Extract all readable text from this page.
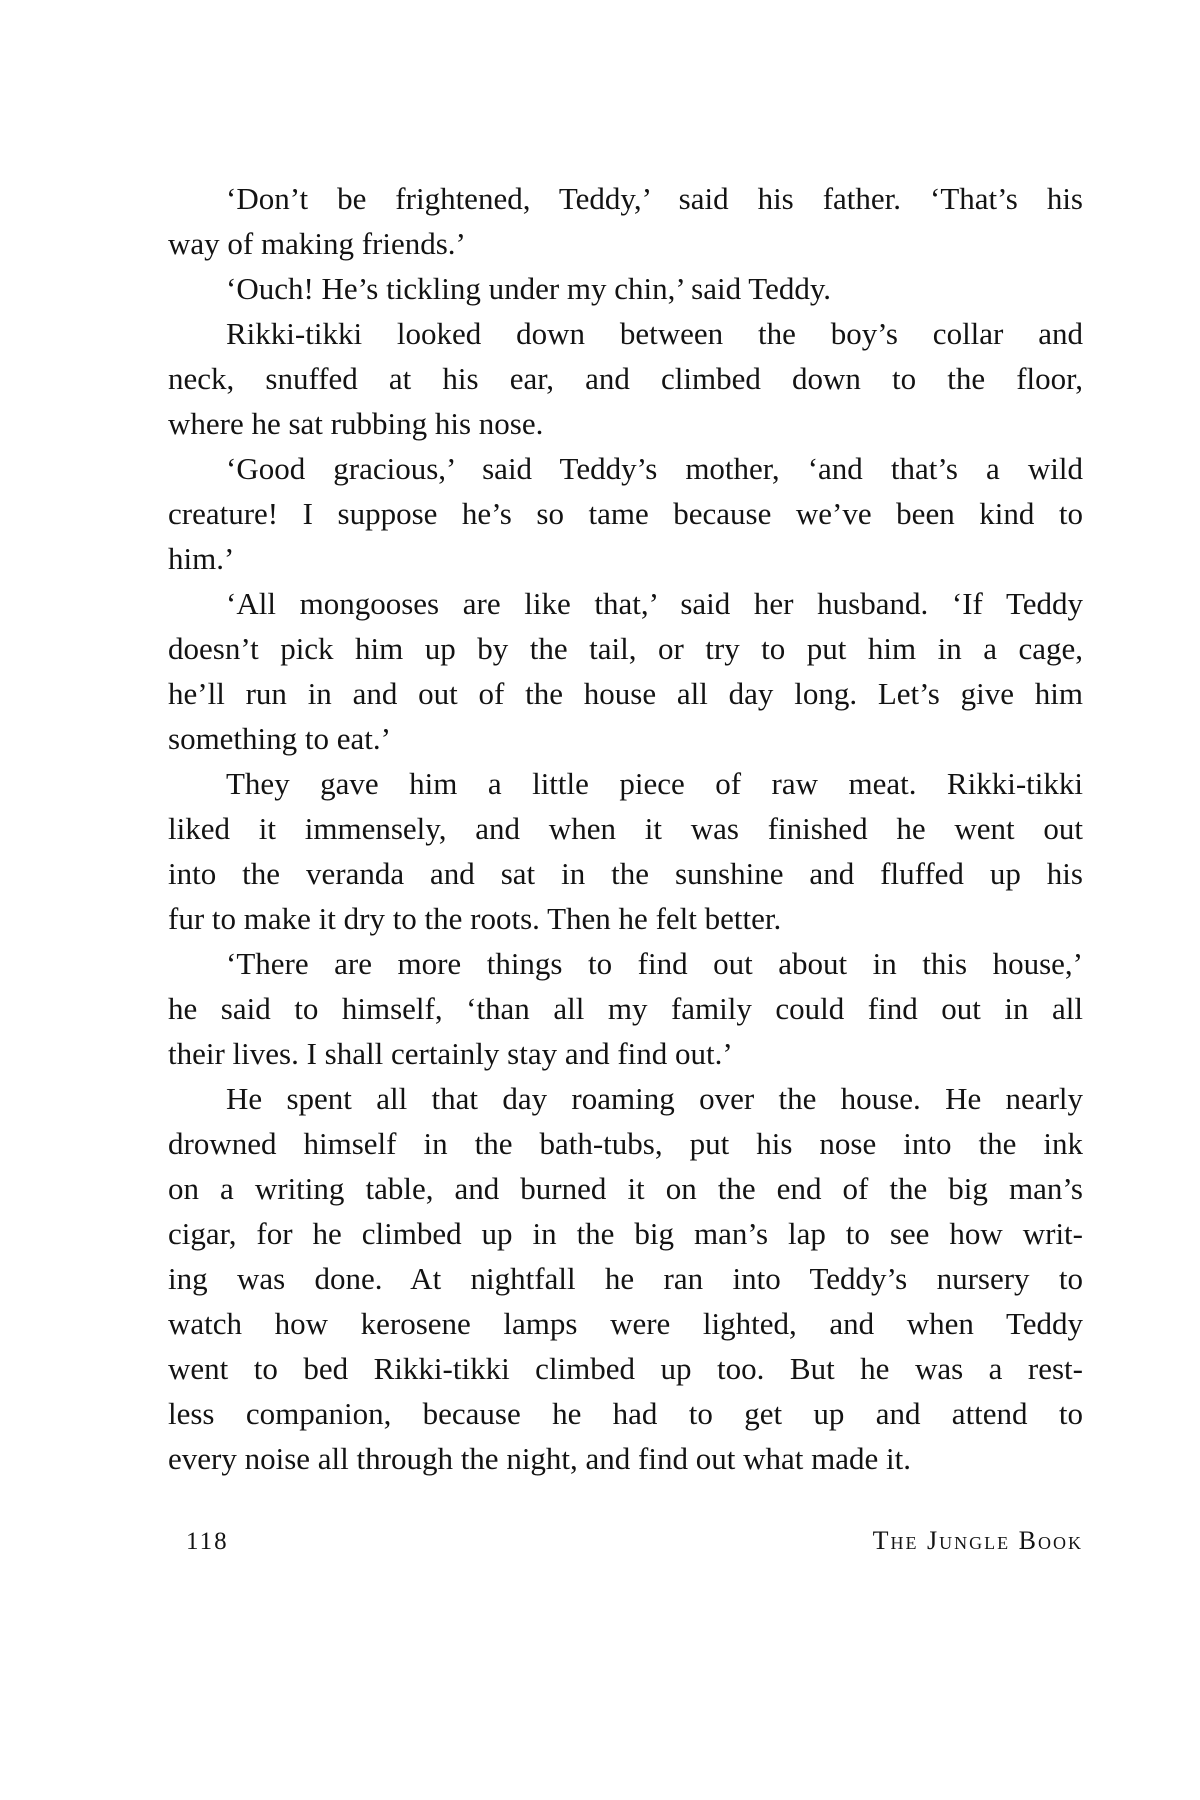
‘Don’t be frightened, Teddy,’ said his father. ‘That’s his
way of making friends.’
‘Ouch! He’s tickling under my chin,’ said Teddy.
Rikki-tikki looked down between the boy’s collar and
neck, snuffed at his ear, and climbed down to the floor,
where he sat rubbing his nose.
‘Good gracious,’ said Teddy’s mother, ‘and that’s a wild
creature! I suppose he’s so tame because we’ve been kind to
him.’
‘All mongooses are like that,’ said her husband. ‘If Teddy
doesn’t pick him up by the tail, or try to put him in a cage,
he’ll run in and out of the house all day long. Let’s give him
something to eat.’
They gave him a little piece of raw meat. Rikki-tikki
liked it immensely, and when it was finished he went out
into the veranda and sat in the sunshine and fluffed up his
fur to make it dry to the roots. Then he felt better.
‘There are more things to find out about in this house,’
he said to himself, ‘than all my family could find out in all
their lives. I shall certainly stay and find out.’
He spent all that day roaming over the house. He nearly
drowned himself in the bath-tubs, put his nose into the ink
on a writing table, and burned it on the end of the big man’s
cigar, for he climbed up in the big man’s lap to see how writ-
ing was done. At nightfall he ran into Teddy’s nursery to
watch how kerosene lamps were lighted, and when Teddy
went to bed Rikki-tikki climbed up too. But he was a rest-
less companion, because he had to get up and attend to
every noise all through the night, and find out what made it.
118	The Jungle Book
